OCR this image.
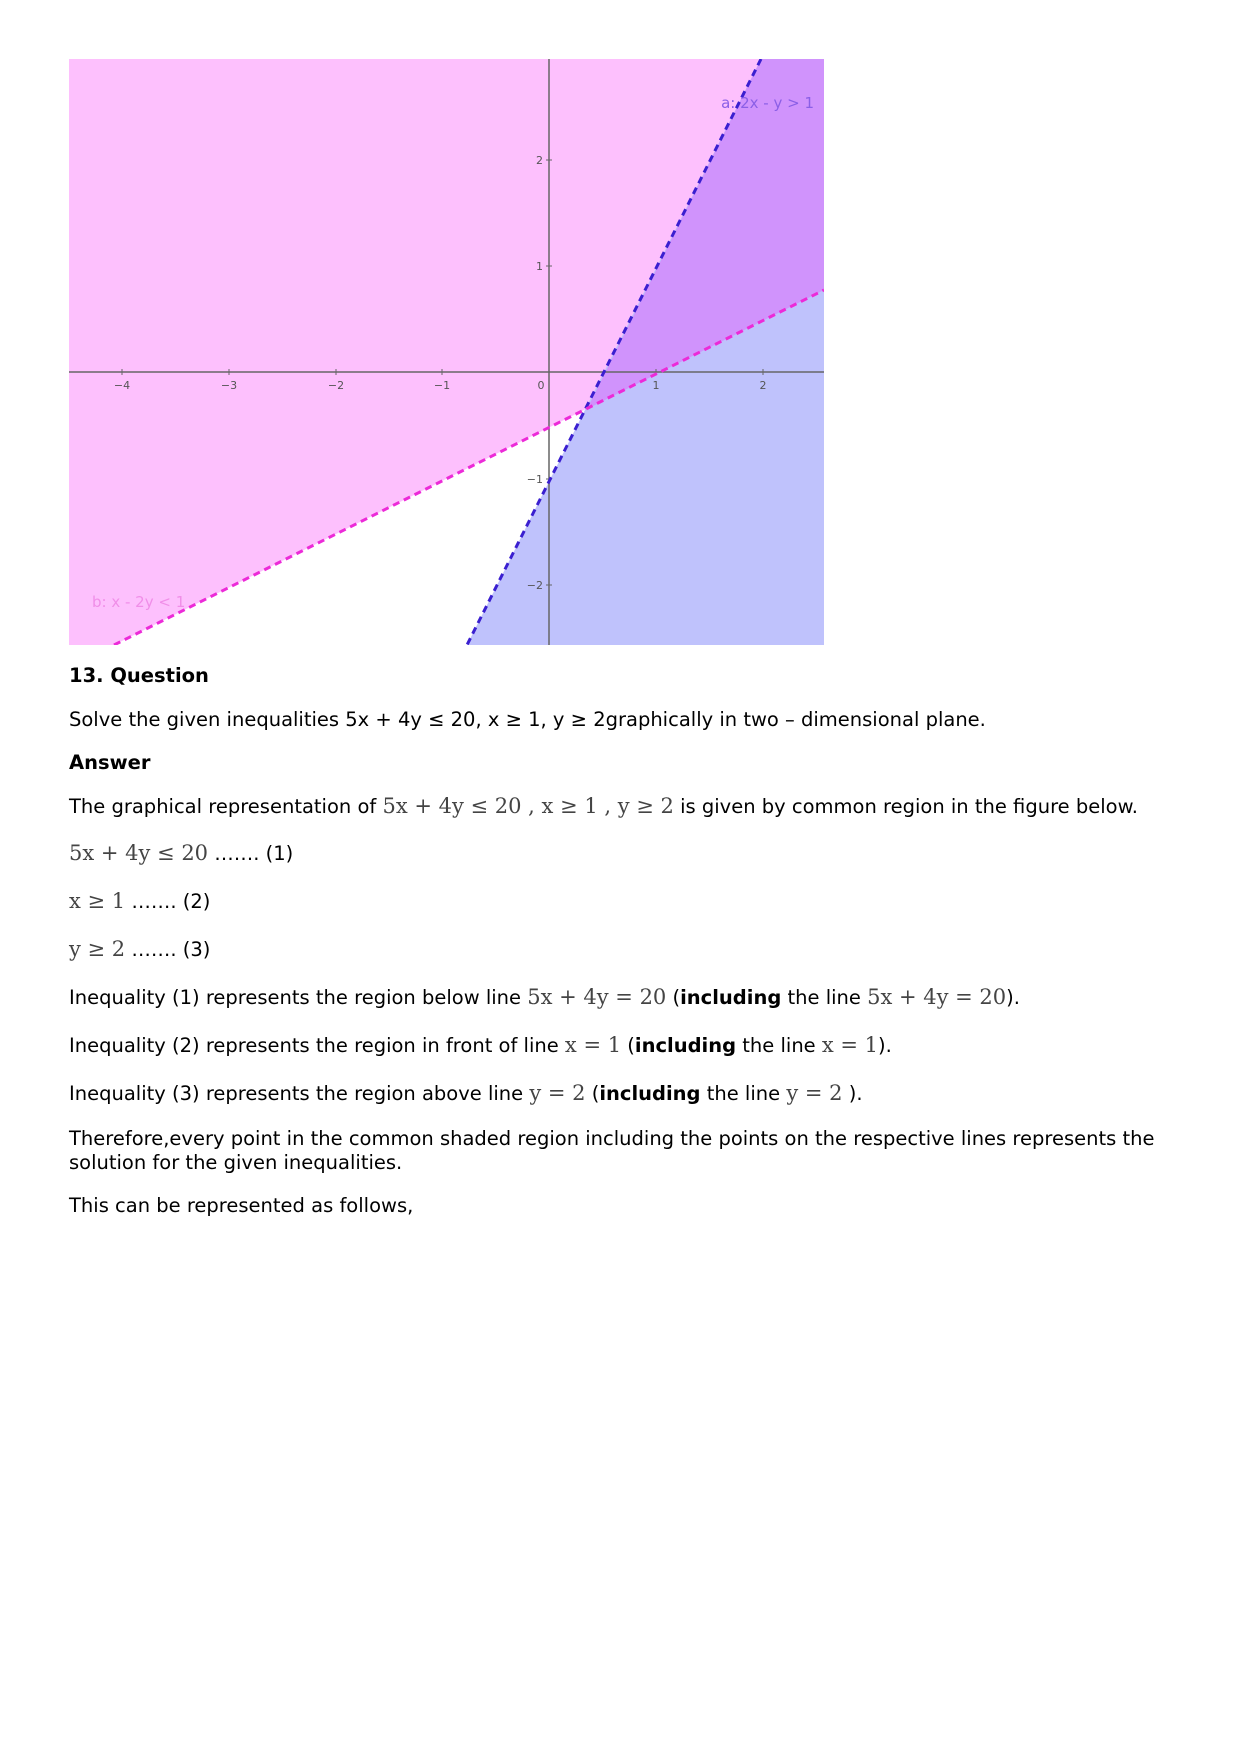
−4	−3	−2	−1	0	1	2
2
1
−1
−2
a: 2x - y > 1
b: x - 2y < 1

13. Question

Solve the given inequalities 5x + 4y ≤ 20, x ≥ 1, y ≥ 2graphically in two – dimensional plane.

Answer

The graphical representation of 5x + 4y ≤ 20 , x ≥ 1 , y ≥ 2 is given by common region in the figure below.

5x + 4y ≤ 20 ……. (1)

x ≥ 1 ……. (2)

y ≥ 2 ……. (3)

Inequality (1) represents the region below line 5x + 4y = 20 (including the line 5x + 4y = 20).

Inequality (2) represents the region in front of line x = 1 (including the line x = 1).

Inequality (3) represents the region above line y = 2 (including the line y = 2 ).

Therefore,every point in the common shaded region including the points on the respective lines represents the solution for the given inequalities.

This can be represented as follows,
